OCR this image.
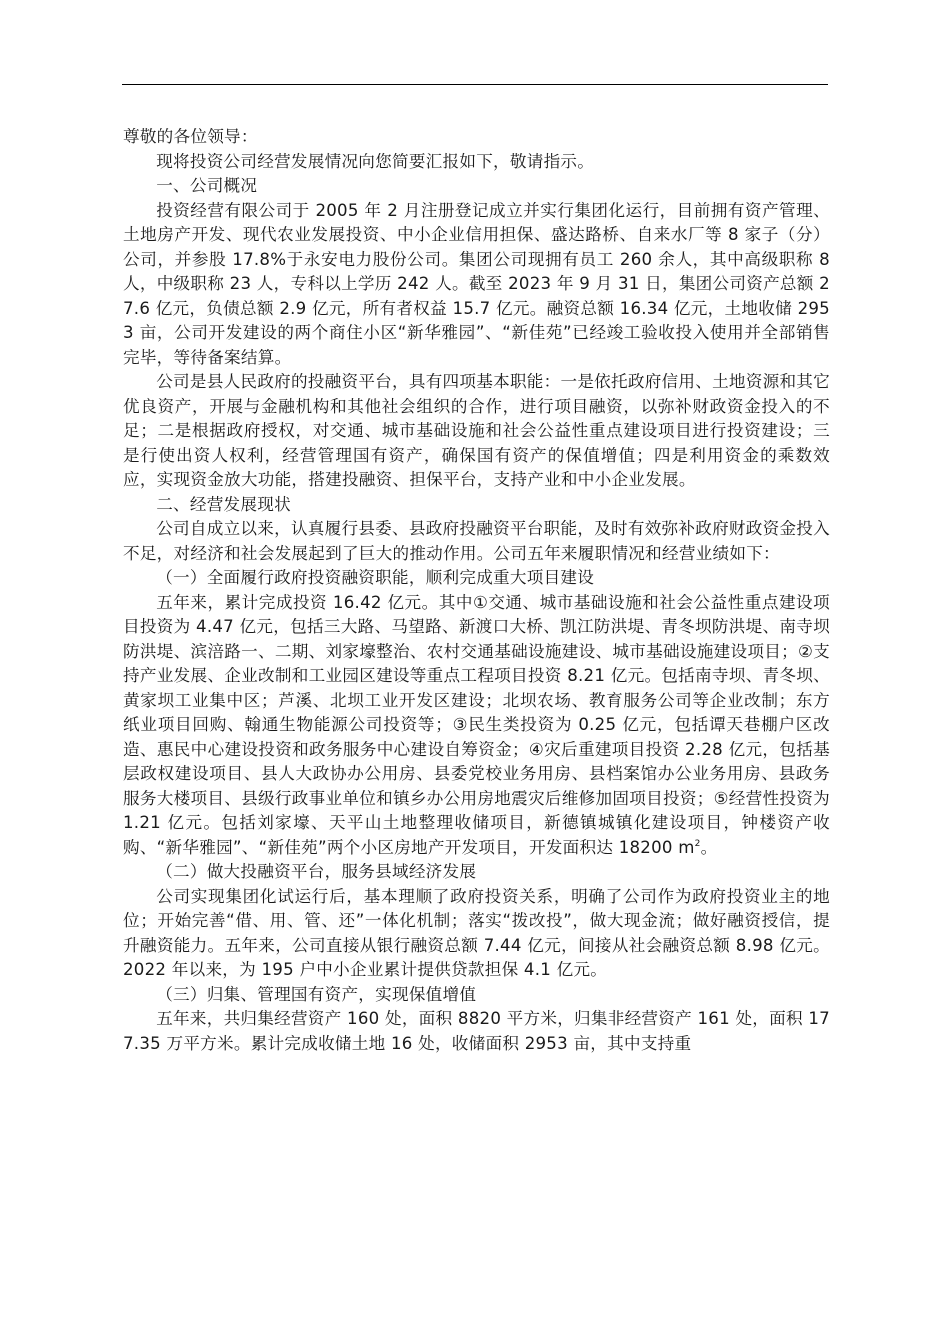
尊敬的各位领导：

现将投资公司经营发展情况向您简要汇报如下，敬请指示。

一、公司概况

投资经营有限公司于 2005 年 2 月注册登记成立并实行集团化运行，目前拥有资产管理、土地房产开发、现代农业发展投资、中小企业信用担保、盛达路桥、自来水厂等 8 家子（分）公司，并参股 17.8%于永安电力股份公司。集团公司现拥有员工 260 余人，其中高级职称 8 人，中级职称 23 人，专科以上学历 242 人。截至 2023 年 9 月 31 日，集团公司资产总额 27.6 亿元，负债总额 2.9 亿元，所有者权益 15.7 亿元。融资总额 16.34 亿元，土地收储 2953 亩，公司开发建设的两个商住小区“新华雅园”、“新佳苑”已经竣工验收投入使用并全部销售完毕，等待备案结算。

公司是县人民政府的投融资平台，具有四项基本职能：一是依托政府信用、土地资源和其它优良资产，开展与金融机构和其他社会组织的合作，进行项目融资，以弥补财政资金投入的不足；二是根据政府授权，对交通、城市基础设施和社会公益性重点建设项目进行投资建设；三是行使出资人权利，经营管理国有资产，确保国有资产的保值增值；四是利用资金的乘数效应，实现资金放大功能，搭建投融资、担保平台，支持产业和中小企业发展。

二、经营发展现状

公司自成立以来，认真履行县委、县政府投融资平台职能，及时有效弥补政府财政资金投入不足，对经济和社会发展起到了巨大的推动作用。公司五年来履职情况和经营业绩如下：

（一）全面履行政府投资融资职能，顺利完成重大项目建设

五年来，累计完成投资 16.42 亿元。其中①交通、城市基础设施和社会公益性重点建设项目投资为 4.47 亿元，包括三大路、马望路、新渡口大桥、凯江防洪堤、青冬坝防洪堤、南寺坝防洪堤、滨涪路一、二期、刘家壕整治、农村交通基础设施建设、城市基础设施建设项目；②支持产业发展、企业改制和工业园区建设等重点工程项目投资 8.21 亿元。包括南寺坝、青冬坝、黄家坝工业集中区；芦溪、北坝工业开发区建设；北坝农场、教育服务公司等企业改制；东方纸业项目回购、翰通生物能源公司投资等；③民生类投资为 0.25 亿元，包括谭天巷棚户区改造、惠民中心建设投资和政务服务中心建设自筹资金；④灾后重建项目投资 2.28 亿元，包括基层政权建设项目、县人大政协办公用房、县委党校业务用房、县档案馆办公业务用房、县政务服务大楼项目、县级行政事业单位和镇乡办公用房地震灾后维修加固项目投资；⑤经营性投资为 1.21 亿元。包括刘家壕、天平山土地整理收储项目，新德镇城镇化建设项目，钟楼资产收购、“新华雅园”、“新佳苑”两个小区房地产开发项目，开发面积达 18200 $m^2$。

（二）做大投融资平台，服务县域经济发展

公司实现集团化试运行后，基本理顺了政府投资关系，明确了公司作为政府投资业主的地位；开始完善“借、用、管、还”一体化机制；落实“拨改投”，做大现金流；做好融资授信，提升融资能力。五年来，公司直接从银行融资总额 7.44 亿元，间接从社会融资总额 8.98 亿元。2022 年以来，为 195 户中小企业累计提供贷款担保 4.1 亿元。

（三）归集、管理国有资产，实现保值增值

五年来，共归集经营资产 160 处，面积 8820 平方米，归集非经营资产 161 处，面积 177.35 万平方米。累计完成收储土地 16 处，收储面积 2953 亩，其中支持重
